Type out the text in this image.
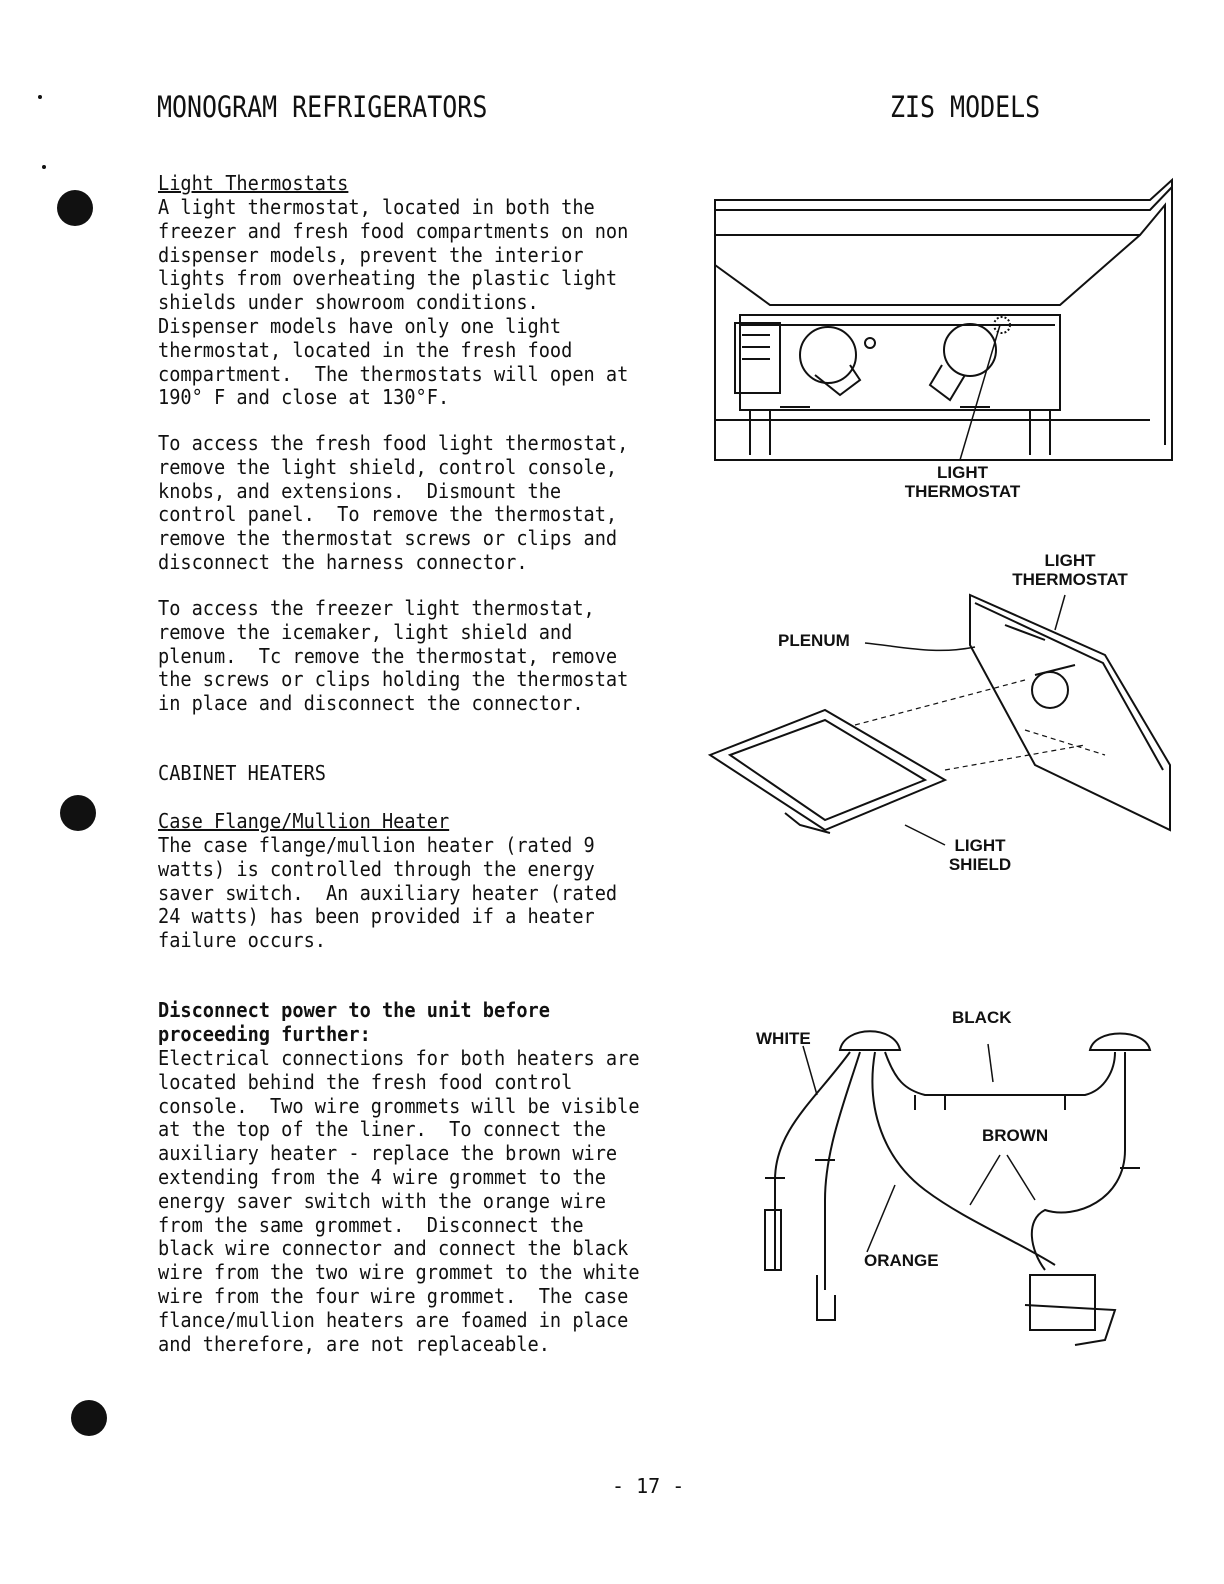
MONOGRAM REFRIGERATORS	ZIS MODELS
Light Thermostats
A light thermostat, located in both the
freezer and fresh food compartments on non
dispenser models, prevent the interior
lights from overheating the plastic light
shields under showroom conditions.
Dispenser models have only one light
thermostat, located in the fresh food
compartment.  The thermostats will open at
190° F and close at 130°F.
To access the fresh food light thermostat,
remove the light shield, control console,
knobs, and extensions.  Dismount the
control panel.  To remove the thermostat,
remove the thermostat screws or clips and
disconnect the harness connector.
To access the freezer light thermostat,
remove the icemaker, light shield and
plenum.  Tc remove the thermostat, remove
the screws or clips holding the thermostat
in place and disconnect the connector.
CABINET HEATERS
Case Flange/Mullion Heater
The case flange/mullion heater (rated 9
watts) is controlled through the energy
saver switch.  An auxiliary heater (rated
24 watts) has been provided if a heater
failure occurs.
Disconnect power to the unit before
proceeding further:
Electrical connections for both heaters are
located behind the fresh food control
console.  Two wire grommets will be visible
at the top of the liner.  To connect the
auxiliary heater - replace the brown wire
extending from the 4 wire grommet to the
energy saver switch with the orange wire
from the same grommet.  Disconnect the
black wire connector and connect the black
wire from the two wire grommet to the white
wire from the four wire grommet.  The case
flance/mullion heaters are foamed in place
and therefore, are not replaceable.
LIGHT
THERMOSTAT
LIGHT
THERMOSTAT
PLENUM
LIGHT
SHIELD
WHITE
BLACK
BROWN
ORANGE
- 17 -
